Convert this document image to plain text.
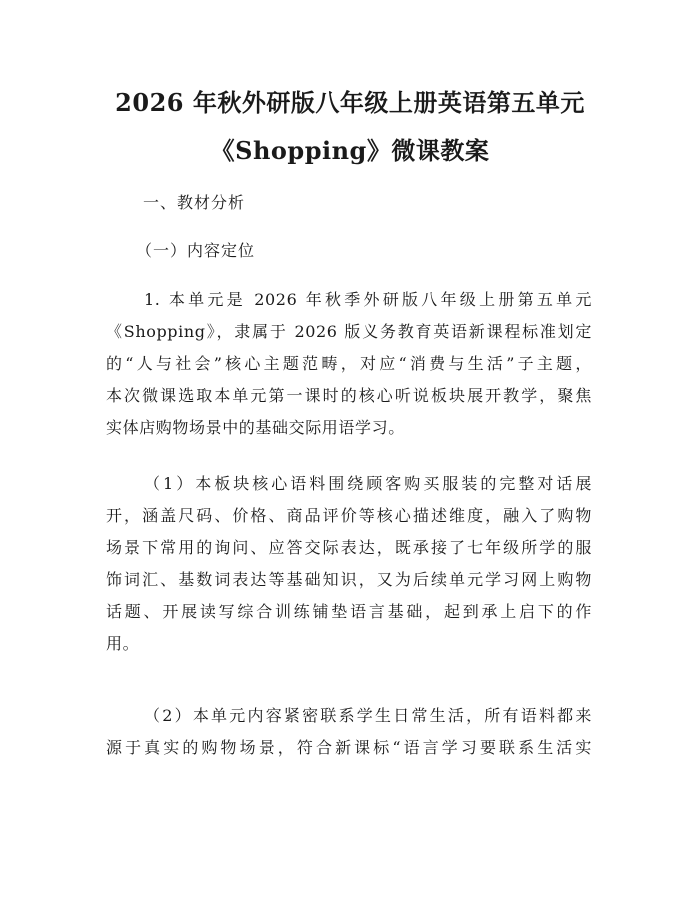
2026 年秋外研版八年级上册英语第五单元
《Shopping》微课教案
一、教材分析
（一）内容定位
1. 本单元是 2026 年秋季外研版八年级上册第五单元
《Shopping》，隶属于 2026 版义务教育英语新课程标准划定
的“人与社会”核心主题范畴，对应“消费与生活”子主题，
本次微课选取本单元第一课时的核心听说板块展开教学，聚焦
实体店购物场景中的基础交际用语学习。
（1）本板块核心语料围绕顾客购买服装的完整对话展
开，涵盖尺码、价格、商品评价等核心描述维度，融入了购物
场景下常用的询问、应答交际表达，既承接了七年级所学的服
饰词汇、基数词表达等基础知识，又为后续单元学习网上购物
话题、开展读写综合训练铺垫语言基础，起到承上启下的作
用。
（2）本单元内容紧密联系学生日常生活，所有语料都来
源于真实的购物场景，符合新课标“语言学习要联系生活实
